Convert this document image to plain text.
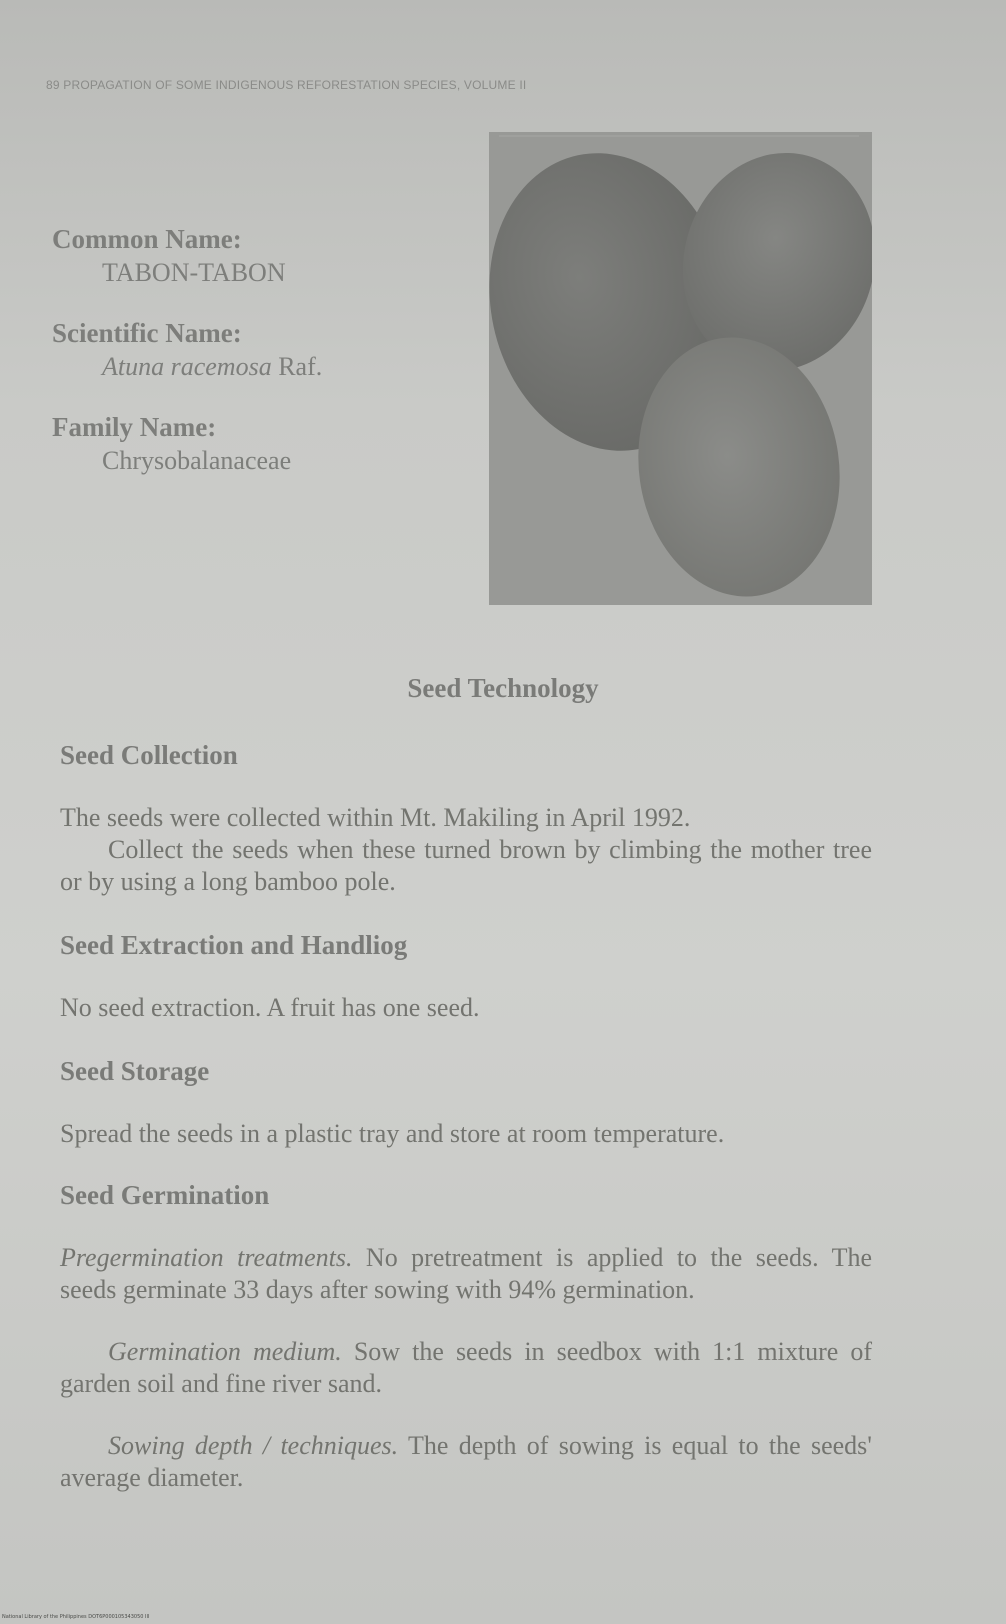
89 PROPAGATION OF SOME INDIGENOUS REFORESTATION SPECIES, VOLUME II

Common Name:

TABON-TABON

Scientific Name:

Atuna racemosa Raf.

Family Name:

Chrysobalanaceae

Seed Technology
Seed Collection

The seeds were collected within Mt. Makiling in April 1992.

Collect the seeds when these turned brown by climbing the mother tree or by using a long bamboo pole.

Seed Extraction and Handliog

No seed extraction. A fruit has one seed.

Seed Storage

Spread the seeds in a plastic tray and store at room temperature.

Seed Germination

Pregermination treatments. No pretreatment is applied to the seeds. The seeds germinate 33 days after sowing with 94% germination.

Germination medium. Sow the seeds in seedbox with 1:1 mixture of garden soil and fine river sand.

Sowing depth / techniques. The depth of sowing is equal to the seeds' average diameter.

National Library of the Philippines DOT6P000105343050 III
